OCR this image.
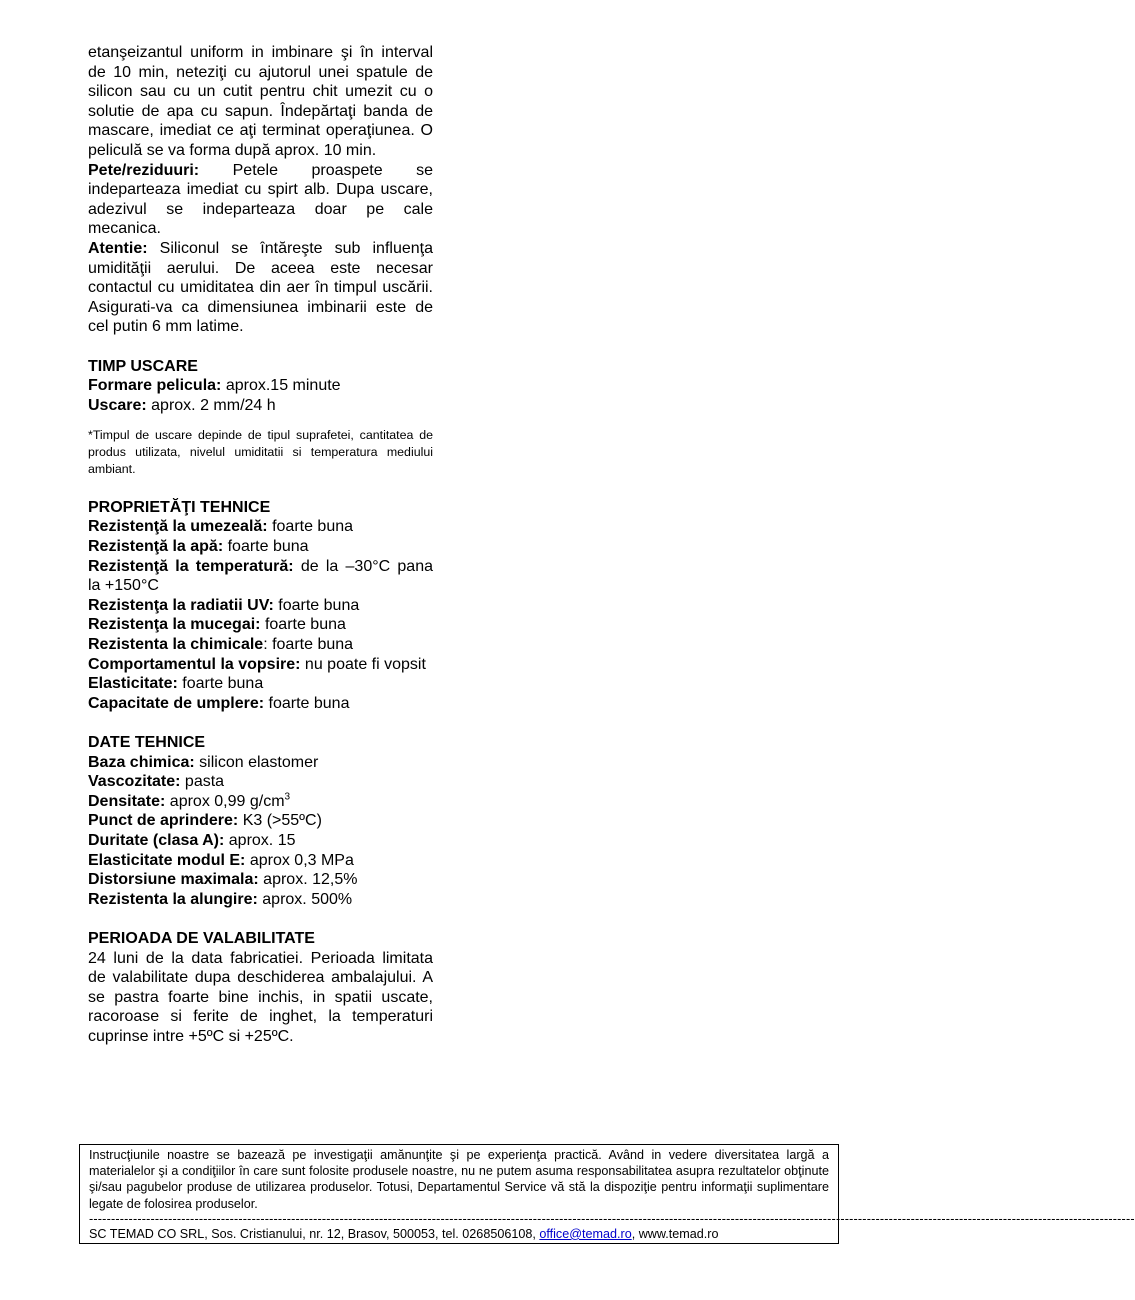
etanşeizantul uniform in imbinare şi în interval de 10 min, neteziţi cu ajutorul unei spatule de silicon sau cu un cutit pentru chit umezit cu o solutie de apa cu sapun. Îndepărtaţi banda de mascare, imediat ce aţi terminat operaţiunea. O peliculă se va forma după aprox. 10 min.

Pete/reziduuri: Petele proaspete se indeparteaza imediat cu spirt alb. Dupa uscare, adezivul se indeparteaza doar pe cale mecanica.

Atentie: Siliconul se întăreşte sub influenţa umidităţii aerului. De aceea este necesar contactul cu umiditatea din aer în timpul uscării. Asigurati-va ca dimensiunea imbinarii este de cel putin 6 mm latime.

TIMP USCARE

Formare pelicula: aprox.15 minute

Uscare: aprox. 2 mm/24 h

*Timpul de uscare depinde de tipul suprafetei, cantitatea de produs utilizata, nivelul umiditatii si temperatura mediului ambiant.

PROPRIETĂŢI TEHNICE

Rezistenţă la umezeală: foarte buna

Rezistenţă la apă: foarte buna

Rezistenţă la temperatură: de la –30°C pana la +150°C

Rezistenţa la radiatii UV: foarte buna

Rezistenţa la mucegai: foarte buna

Rezistenta la chimicale: foarte buna

Comportamentul la vopsire: nu poate fi vopsit

Elasticitate: foarte buna

Capacitate de umplere: foarte buna

DATE TEHNICE

Baza chimica: silicon elastomer

Vascozitate: pasta

Densitate: aprox 0,99 $g/cm^3$

Punct de aprindere: K3 (>55ºC)

Duritate (clasa A): aprox. 15

Elasticitate modul E: aprox 0,3 MPa

Distorsiune maximala: aprox. 12,5%

Rezistenta la alungire: aprox. 500%

PERIOADA DE VALABILITATE

24 luni de la data fabricatiei. Perioada limitata de valabilitate dupa deschiderea ambalajului. A se pastra foarte bine inchis, in spatii uscate, racoroase si ferite de inghet, la temperaturi cuprinse intre +5ºC si +25ºC.

Instrucţiunile noastre se bazează pe investigaţii amănunţite şi pe experienţa practică. Având in vedere diversitatea largă a materialelor şi a condiţiilor în care sunt folosite produsele noastre, nu ne putem asuma responsabilitatea asupra rezultatelor obţinute şi/sau pagubelor produse de utilizarea produselor. Totusi, Departamentul Service vă stă la dispoziţie pentru informaţii suplimentare legate de folosirea produselor.

----------------------------------------------------------------------------------------------------------------------------------------------------------------------------------------------------------------------------------------------

SC TEMAD CO SRL, Sos. Cristianului, nr. 12, Brasov, 500053, tel. 0268506108, office@temad.ro, www.temad.ro
